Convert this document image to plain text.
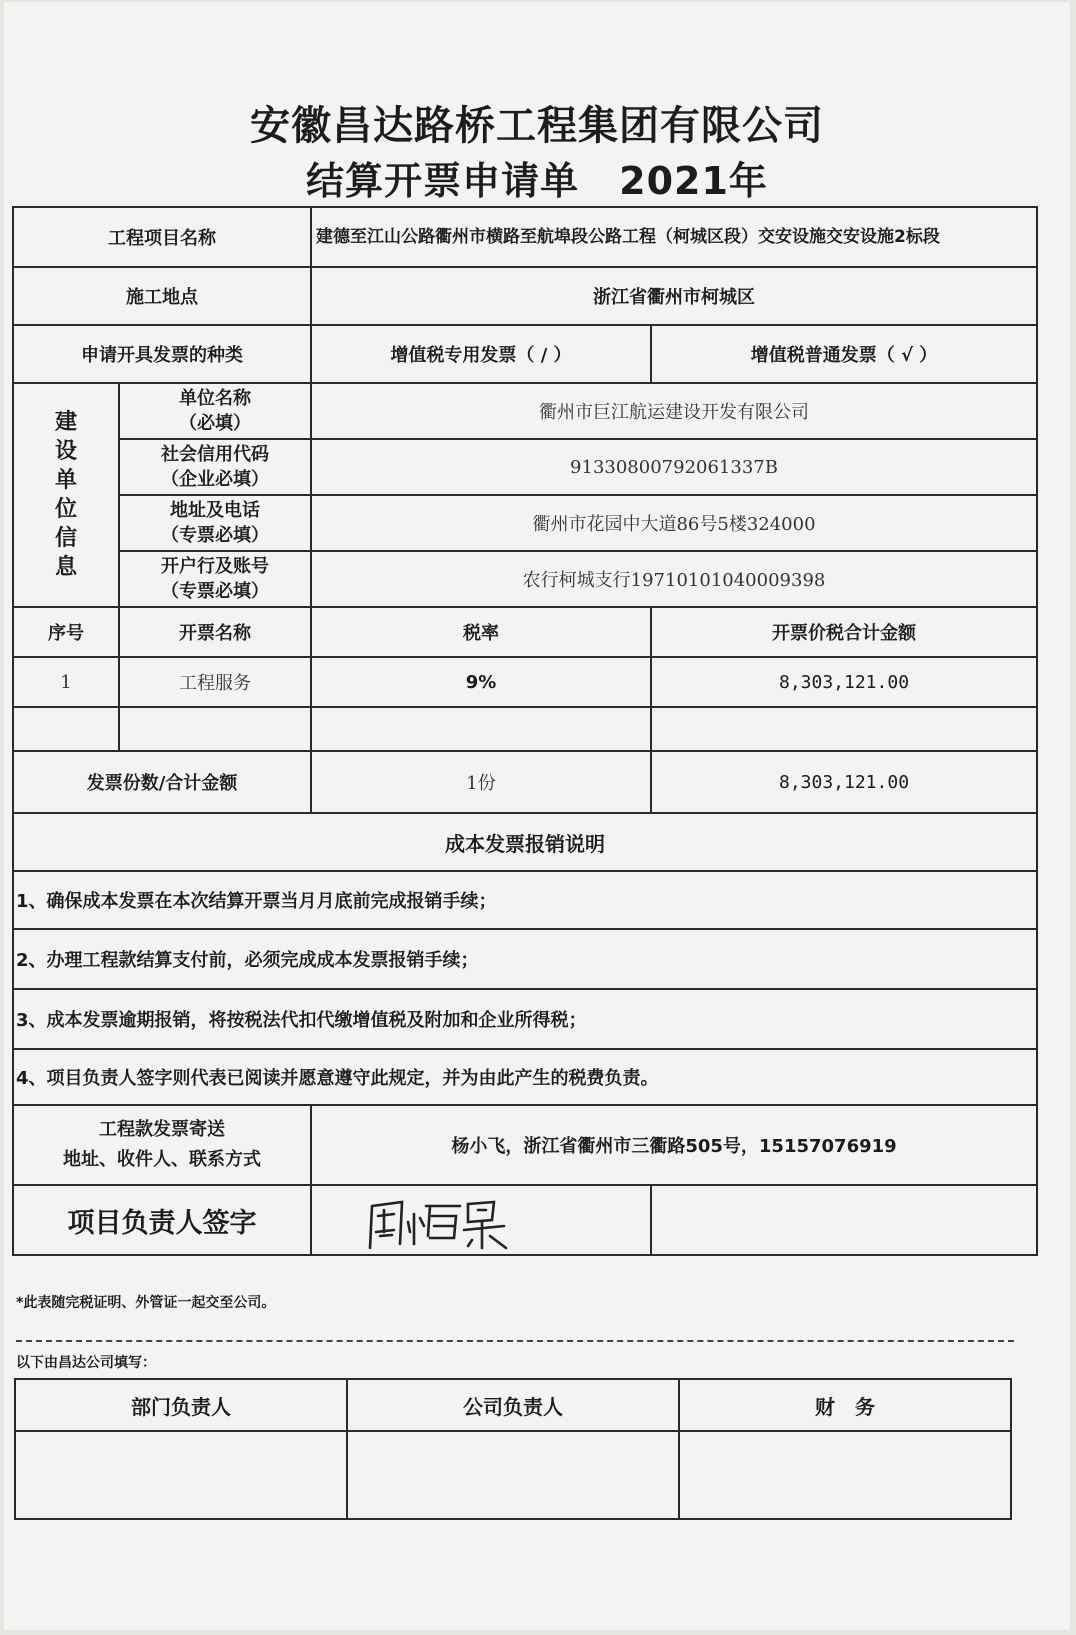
安徽昌达路桥工程集团有限公司
结算开票申请单 2021年
工程项目名称		建德至江山公路衢州市横路至航埠段公路工程（柯城区段）交安设施交安设施2标段	
施工地点		浙江省衢州市柯城区	
申请开具发票的种类		增值税专用发票（ / ）	增值税普通发票（ √ ）

建设单位信息	单位名称
（必填）	衢州市巨江航运建设开发有限公司	
	社会信用代码
（企业必填）	91330800792061337B	
	地址及电话
（专票必填）	衢州市花园中大道86号5楼324000	
	开户行及账号
（专票必填）	农行柯城支行19710101040009398	
序号	开票名称	税率	开票价税合计金额
1	工程服务	9%	8,303,121.00

发票份数/合计金额		1份	8,303,121.00
成本发票报销说明			
1、确保成本发票在本次结算开票当月月底前完成报销手续；			
2、办理工程款结算支付前，必须完成成本发票报销手续；			
3、成本发票逾期报销，将按税法代扣代缴增值税及附加和企业所得税；			
4、项目负责人签字则代表已阅读并愿意遵守此规定，并为由此产生的税费负责。			
工程款发票寄送
地址、收件人、联系方式		杨小飞，浙江省衢州市三衢路505号，15157076919	
项目负责人签字	

*此表随完税证明、外管证一起交至公司。
以下由昌达公司填写：
部门负责人	公司负责人	财　务
